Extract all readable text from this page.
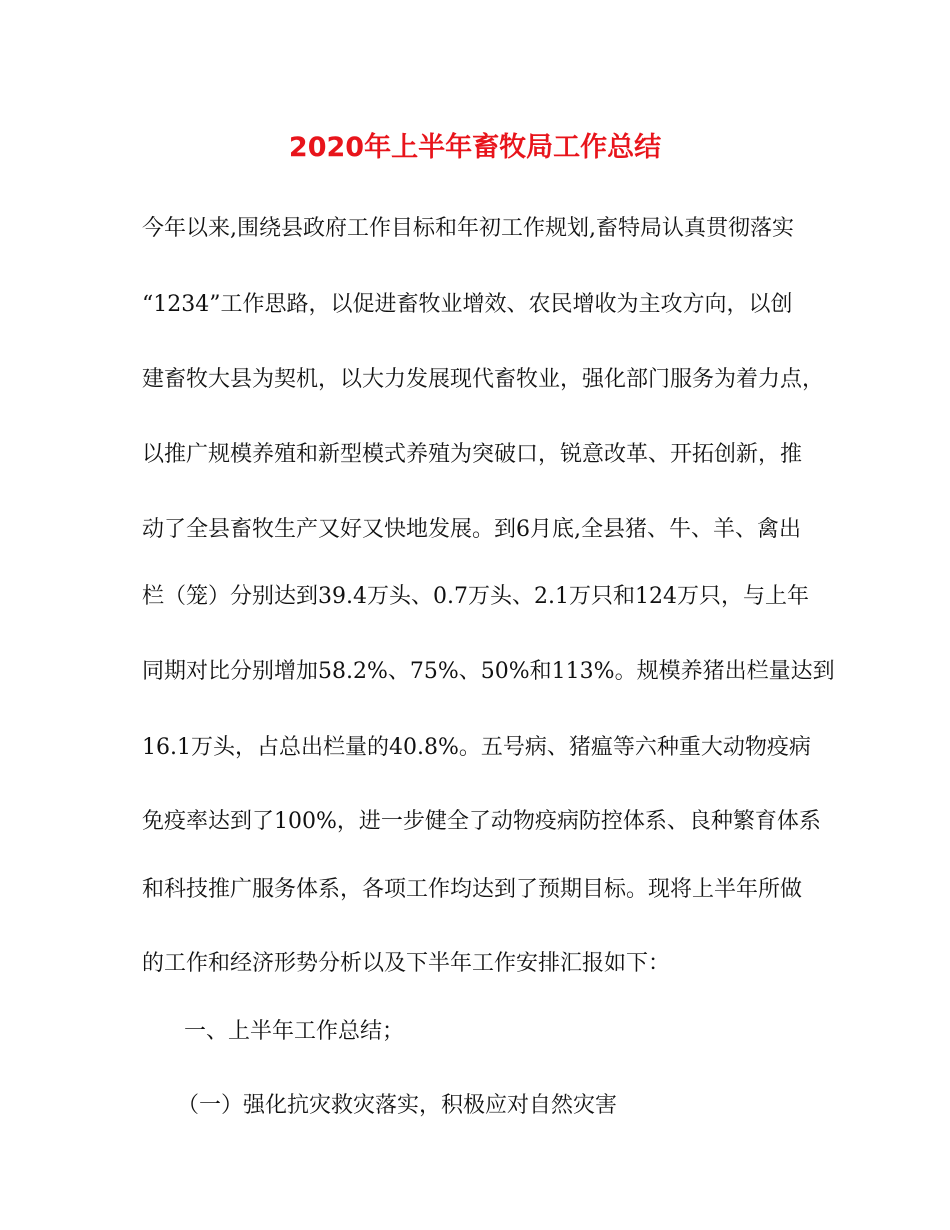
2020年上半年畜牧局工作总结

今年以来,围绕县政府工作目标和年初工作规划,畜特局认真贯彻落实

“1234”工作思路，以促进畜牧业增效、农民增收为主攻方向，以创

建畜牧大县为契机，以大力发展现代畜牧业，强化部门服务为着力点，

以推广规模养殖和新型模式养殖为突破口，锐意改革、开拓创新，推

动了全县畜牧生产又好又快地发展。到6月底,全县猪、牛、羊、禽出

栏（笼）分别达到39.4万头、0.7万头、2.1万只和124万只，与上年

同期对比分别增加58.2%、75%、50%和113%。规模养猪出栏量达到

16.1万头，占总出栏量的40.8%。五号病、猪瘟等六种重大动物疫病

免疫率达到了100%，进一步健全了动物疫病防控体系、良种繁育体系

和科技推广服务体系，各项工作均达到了预期目标。现将上半年所做

的工作和经济形势分析以及下半年工作安排汇报如下：

一、上半年工作总结；

（一）强化抗灾救灾落实，积极应对自然灾害
